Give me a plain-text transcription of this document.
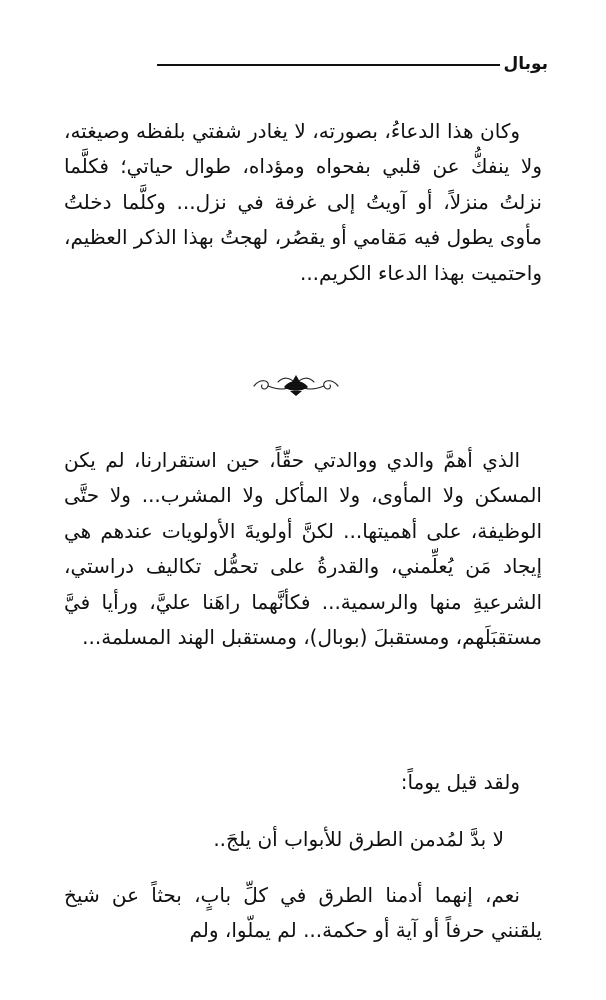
بوبال

وكان هذا الدعاءُ، بصورته، لا يغادر شفتي بلفظه وصيغته، ولا ينفكُّ عن قلبي بفحواه ومؤداه، طوال حياتي؛ فكلَّما نزلتُ منزلاً، أو آويتُ إلى غرفة في نزل... وكلَّما دخلتُ مأوى يطول فيه مَقامي أو يقصُر، لهجتُ بهذا الذكر العظيم، واحتميت بهذا الدعاء الكريم...

الذي أهمَّ والدي ووالدتي حقّاً، حين استقرارنا، لم يكن المسكن ولا المأوى، ولا المأكل ولا المشرب... ولا حتَّى الوظيفة، على أهميتها... لكنَّ أولويةَ الأولويات عندهم هي إيجاد مَن يُعلِّمني، والقدرةُ على تحمُّل تكاليف دراستي، الشرعيةِ منها والرسمية... فكأنَّهما راهَنا عليَّ، ورأيا فيَّ مستقبَلَهم، ومستقبلَ (بوبال)، ومستقبل الهند المسلمة...

ولقد قيل يوماً:

لا بدَّ لمُدمن الطرق للأبواب أن يلجَ..

نعم، إنهما أدمنا الطرق في كلِّ بابٍ، بحثاً عن شيخ يلقنني حرفاً أو آية أو حكمة... لم يملّوا، ولم
